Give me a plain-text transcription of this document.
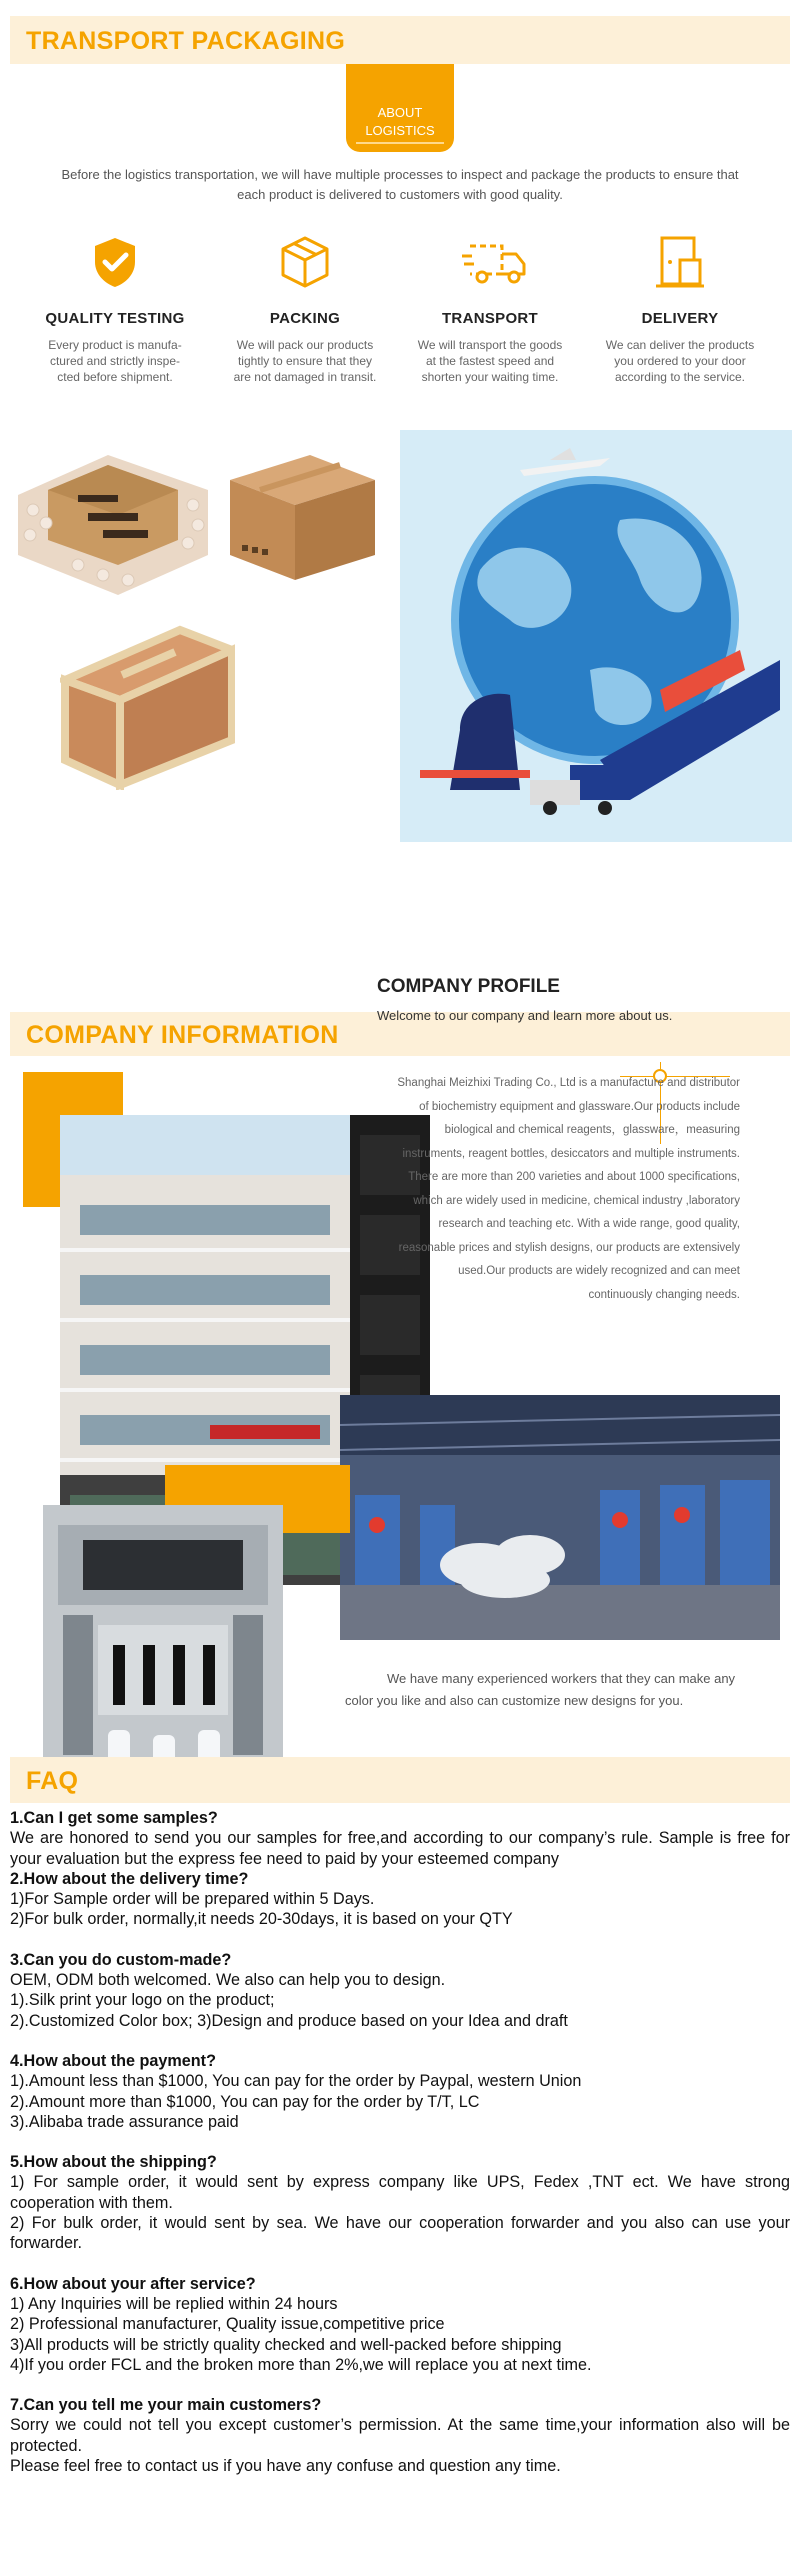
TRANSPORT PACKAGING
ABOUT
LOGISTICS
Before the logistics transportation, we will have multiple processes to inspect and package the products to ensure that each product is delivered to customers with good quality.
QUALITY TESTING
Every product is manufa-ctured and strictly inspe-cted before shipment.
PACKING
We will pack our products tightly to ensure that they are not damaged in transit.
TRANSPORT
We will transport the goods at the fastest speed and shorten your waiting time.
DELIVERY
We can deliver the products you ordered to your door according to the service.
COMPANY INFORMATION
COMPANY PROFILE
Welcome to our company and learn more about us.
Shanghai Meizhixi Trading Co., Ltd is a manufacture and distributor of biochemistry equipment and glassware.Our products include biological and chemical reagents，glassware，measuring instruments, reagent bottles, desiccators and multiple instruments. There are more than 200 varieties and about 1000 specifications, which are widely used in medicine, chemical industry ,laboratory research and teaching etc. With a wide range, good quality, reasonable prices and stylish designs, our products are extensively used.Our products are widely recognized and can meet continuously changing needs.
We have many experienced workers that they can make any color you like and also can customize new designs for you.
FAQ
1.Can I get some samples?
We are honored to send you our samples for free,and according to our company’s rule. Sample is free for your evaluation but the express fee need to paid by your esteemed company
2.How about the delivery time?
1)For Sample order will be prepared within 5 Days.
2)For bulk order, normally,it needs 20-30days, it is based on your QTY
3.Can you do custom-made?
OEM, ODM both welcomed. We also can help you to design.
1).Silk print your logo on the product;
2).Customized Color box; 3)Design and produce based on your Idea and draft
4.How about the payment?
1).Amount less than $1000, You can pay for the order by Paypal, western Union
2).Amount more than $1000, You can pay for the order by T/T, LC
3).Alibaba trade assurance paid
5.How about the shipping?
1) For sample order, it would sent by express company like UPS, Fedex ,TNT ect. We have strong cooperation with them.
2) For bulk order, it would sent by sea. We have our cooperation forwarder and you also can use your forwarder.
6.How about your after service?
1) Any Inquiries will be replied within 24 hours
2) Professional manufacturer, Quality issue,competitive price
3)All products will be strictly quality checked and well-packed before shipping
4)If you order FCL and the broken more than 2%,we will replace you at next time.
7.Can you tell me your main customers?
Sorry we could not tell you except customer’s permission. At the same time,your information also will be protected.
Please feel free to contact us if you have any confuse and question any time.
